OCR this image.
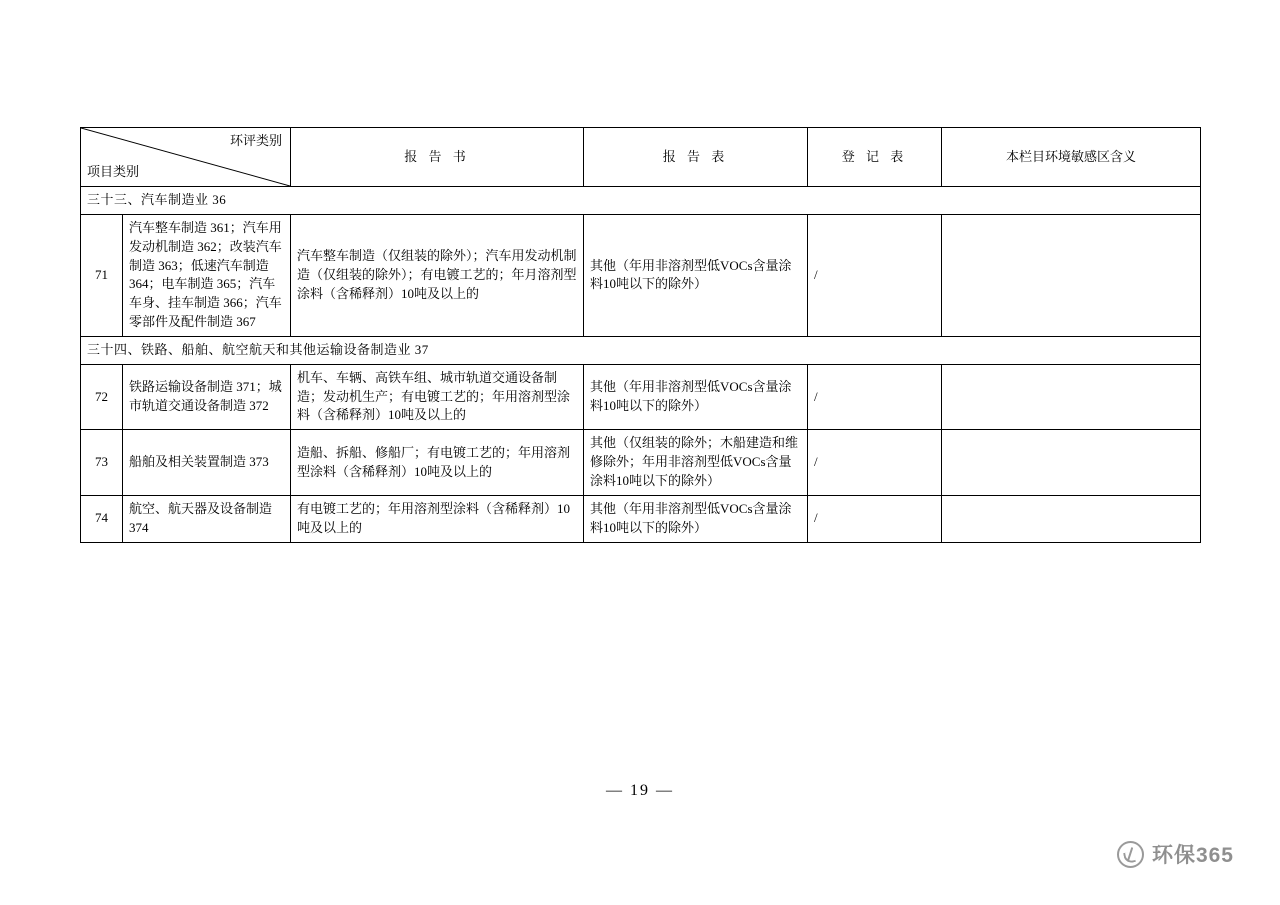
环评类别
项目类别		报 告 书	报 告 表	登 记 表	本栏目环境敏感区含义
三十三、汽车制造业 36					
71	汽车整车制造 361；汽车用发动机制造 362；改装汽车制造 363；低速汽车制造 364；电车制造 365；汽车车身、挂车制造 366；汽车零部件及配件制造 367	汽车整车制造（仅组装的除外）；汽车用发动机制造（仅组装的除外）；有电镀工艺的；年月溶剂型涂料（含稀释剂）10吨及以上的	其他（年用非溶剂型低VOCs含量涂料10吨以下的除外）	/	
三十四、铁路、船舶、航空航天和其他运输设备制造业 37					
72	铁路运输设备制造 371；城市轨道交通设备制造 372	机车、车辆、高铁车组、城市轨道交通设备制造；发动机生产；有电镀工艺的；年用溶剂型涂料（含稀释剂）10吨及以上的	其他（年用非溶剂型低VOCs含量涂料10吨以下的除外）	/	
73	船舶及相关装置制造 373	造船、拆船、修船厂；有电镀工艺的；年用溶剂型涂料（含稀释剂）10吨及以上的	其他（仅组装的除外；木船建造和维修除外；年用非溶剂型低VOCs含量涂料10吨以下的除外）	/	
74	航空、航天器及设备制造 374	有电镀工艺的；年用溶剂型涂料（含稀释剂）10吨及以上的	其他（年用非溶剂型低VOCs含量涂料10吨以下的除外）	/	
— 19 —
环保365
